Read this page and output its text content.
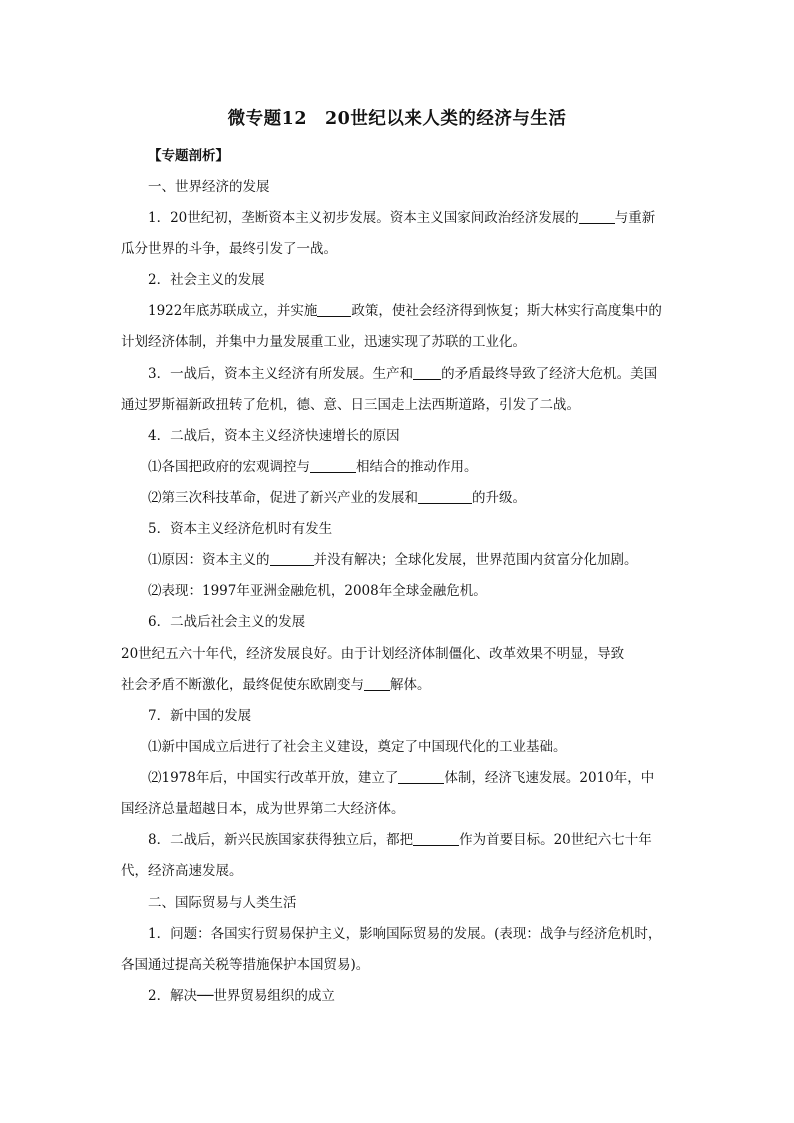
微专题12　20世纪以来人类的经济与生活
【专题剖析】
一、世界经济的发展
1．20世纪初，垄断资本主义初步发展。资本主义国家间政治经济发展的	与重新
瓜分世界的斗争，最终引发了一战。
2．社会主义的发展
1922年底苏联成立，并实施	政策，使社会经济得到恢复；斯大林实行高度集中的
计划经济体制，并集中力量发展重工业，迅速实现了苏联的工业化。
3．一战后，资本主义经济有所发展。生产和 的矛盾最终导致了经济大危机。美国
通过罗斯福新政扭转了危机，德、意、日三国走上法西斯道路，引发了二战。
4．二战后，资本主义经济快速增长的原因
⑴各国把政府的宏观调控与	相结合的推动作用。
⑵第三次科技革命，促进了新兴产业的发展和	的升级。
5．资本主义经济危机时有发生
⑴原因：资本主义的	并没有解决；全球化发展，世界范围内贫富分化加剧。
⑵表现：1997年亚洲金融危机，2008年全球金融危机。
6．二战后社会主义的发展
20世纪五六十年代，经济发展良好。由于计划经济体制僵化、改革效果不明显，导致
社会矛盾不断激化，最终促使东欧剧变与 解体。
7．新中国的发展
⑴新中国成立后进行了社会主义建设，奠定了中国现代化的工业基础。
⑵1978年后，中国实行改革开放，建立了	体制，经济飞速发展。2010年，中
国经济总量超越日本，成为世界第二大经济体。
8．二战后，新兴民族国家获得独立后，都把	作为首要目标。20世纪六七十年
代，经济高速发展。
二、国际贸易与人类生活
1．问题：各国实行贸易保护主义，影响国际贸易的发展。(表现：战争与经济危机时，
各国通过提高关税等措施保护本国贸易)。
2．解决──世界贸易组织的成立
